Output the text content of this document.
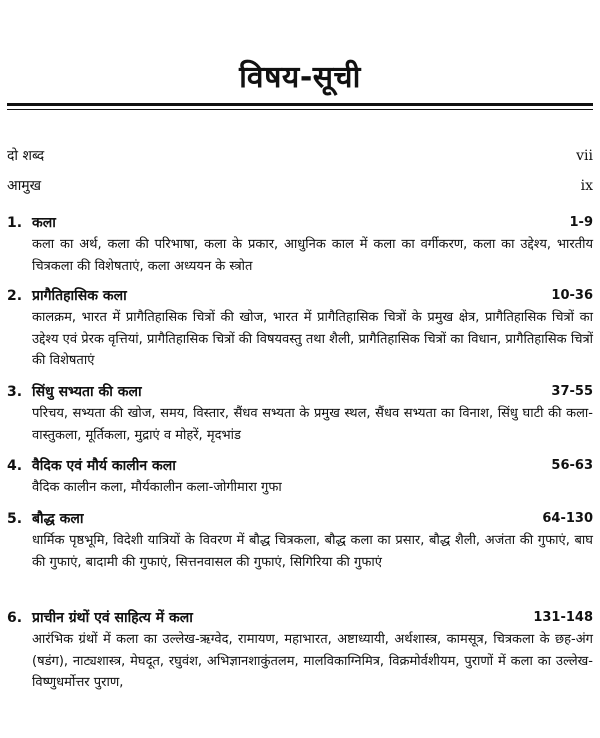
विषय-सूची
दो शब्द	vii
आमुख	ix
1. कला	1-9
कला का अर्थ, कला की परिभाषा, कला के प्रकार, आधुनिक काल में कला का वर्गीकरण, कला का उद्देश्य, भारतीय चित्रकला की विशेषताएं, कला अध्ययन के स्त्रोत
2. प्रागैतिहासिक कला	10-36
कालक्रम, भारत में प्रागैतिहासिक चित्रों की खोज, भारत में प्रागैतिहासिक चित्रों के प्रमुख क्षेत्र, प्रागैतिहासिक चित्रों का उद्देश्य एवं प्रेरक वृत्तियां, प्रागैतिहासिक चित्रों की विषयवस्तु तथा शैली, प्रागैतिहासिक चित्रों का विधान, प्रागैतिहासिक चित्रों की विशेषताएं
3. सिंधु सभ्यता की कला	37-55
परिचय, सभ्यता की खोज, समय, विस्तार, सैंधव सभ्यता के प्रमुख स्थल, सैंधव सभ्यता का विनाश, सिंधु घाटी की कला-वास्तुकला, मूर्तिकला, मुद्राएं व मोहरें, मृदभांड
4. वैदिक एवं मौर्य कालीन कला	56-63
वैदिक कालीन कला, मौर्यकालीन कला-जोगीमारा गुफा
5. बौद्ध कला	64-130
धार्मिक पृष्ठभूमि, विदेशी यात्रियों के विवरण में बौद्ध चित्रकला, बौद्ध कला का प्रसार, बौद्ध शैली, अजंता की गुफाएं, बाघ की गुफाएं, बादामी की गुफाएं, सित्तनवासल की गुफाएं, सिगिरिया की गुफाएं
6. प्राचीन ग्रंथों एवं साहित्य में कला	131-148
आरंभिक ग्रंथों में कला का उल्लेख-ऋग्वेद, रामायण, महाभारत, अष्टाध्यायी, अर्थशास्त्र, कामसूत्र, चित्रकला के छह-अंग (षडंग), नाट्यशास्त्र, मेघदूत, रघुवंश, अभिज्ञानशाकुंतलम, मालविकाग्निमित्र, विक्रमोर्वशीयम, पुराणों में कला का उल्लेख-विष्णुधर्मोत्तर पुराण,
